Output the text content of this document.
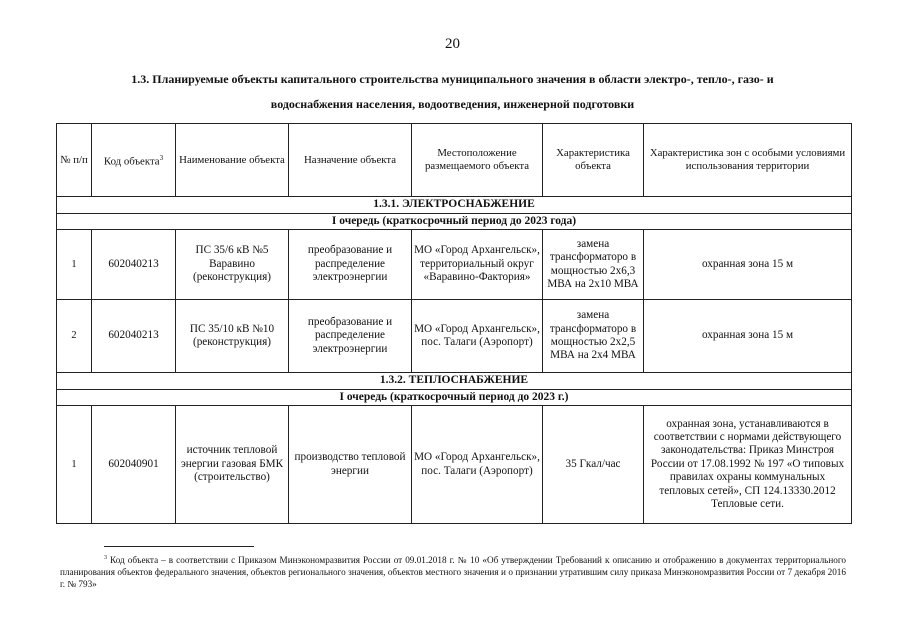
20
1.3. Планируемые объекты капитального строительства муниципального значения в области электро-, тепло-, газо- и
водоснабжения населения, водоотведения, инженерной подготовки
№ п/п	Код объекта$^3$	Наименование объекта	Назначение объекта	Местоположение размещаемого объекта	Характеристика объекта	Характеристика зон с особыми условиями использования территории
1.3.1. ЭЛЕКТРОСНАБЖЕНИЕ						
I очередь (краткосрочный период до 2023 года)						
1	602040213	ПС 35/6 кВ №5 Варавино (реконструкция)	преобразование и распределение электроэнергии	МО «Город Архангельск», территориальный округ «Варавино-Фактория»	замена трансформаторо в мощностью 2х6,3 МВА на 2х10 МВА	охранная зона 15 м
2	602040213	ПС 35/10 кВ №10 (реконструкция)	преобразование и распределение электроэнергии	МО «Город Архангельск», пос. Талаги (Аэропорт)	замена трансформаторо в мощностью 2х2,5 МВА на 2х4 МВА	охранная зона 15 м
1.3.2. ТЕПЛОСНАБЖЕНИЕ						
I очередь (краткосрочный период до 2023 г.)						
1	602040901	источник тепловой энергии газовая БМК (строительство)	производство тепловой энергии	МО «Город Архангельск», пос. Талаги (Аэропорт)	35 Гкал/час	охранная зона, устанавливаются в соответствии с нормами действующего законодательства: Приказ Минстроя России от 17.08.1992 № 197 «О типовых правилах охраны коммунальных тепловых сетей», СП 124.13330.2012 Тепловые сети.
$^3$ Код объекта – в соответствии с Приказом Минэкономразвития России от 09.01.2018 г. № 10 «Об утверждении Требований к описанию и отображению в документах территориального планирования объектов федерального значения, объектов регионального значения, объектов местного значения и о признании утратившим силу приказа Минэкономразвития России от 7 декабря 2016 г. № 793»
